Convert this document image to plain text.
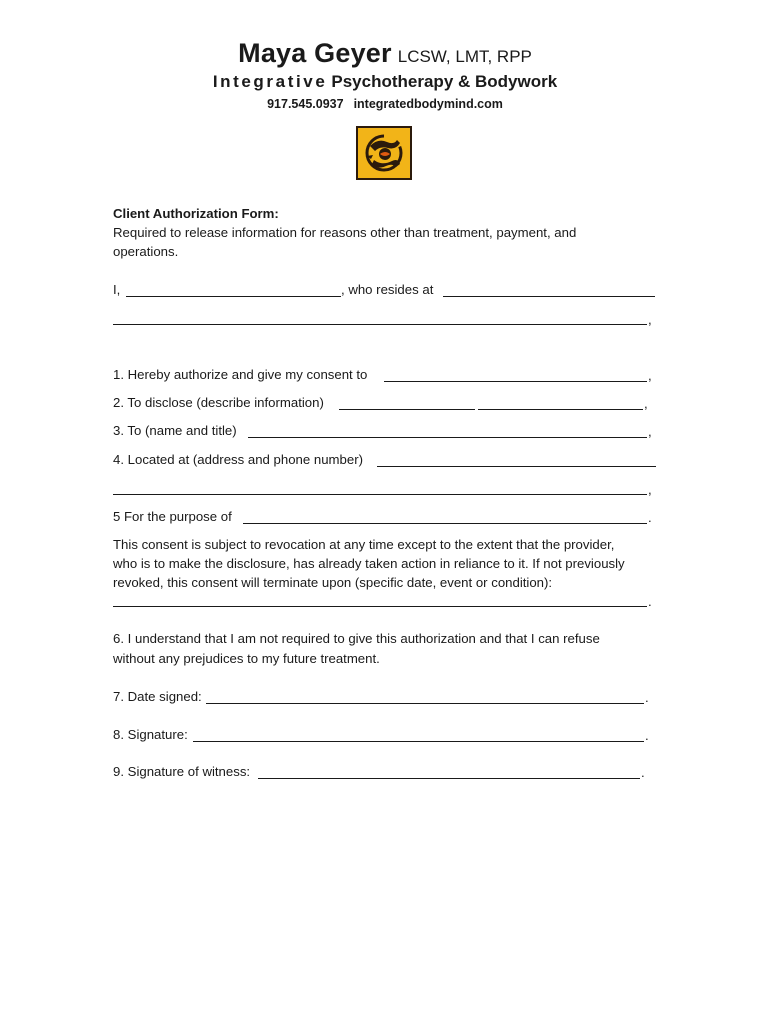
Maya Geyer LCSW, LMT, RPP
Integrative Psychotherapy & Bodywork
917.545.0937 integratedbodymind.com
Client Authorization Form:
Required to release information for reasons other than treatment, payment, and
operations.
I,	, who resides at
,
1. Hereby authorize and give my consent to	,
2. To disclose (describe information)	,
3. To (name and title)	,
4. Located at (address and phone number)
,
5 For the purpose of	.
This consent is subject to revocation at any time except to the extent that the provider,
who is to make the disclosure, has already taken action in reliance to it. If not previously
revoked, this consent will terminate upon (specific date, event or condition):
.
6. I understand that I am not required to give this authorization and that I can refuse
without any prejudices to my future treatment.
7. Date signed:	.
8. Signature:	.
9. Signature of witness:	.
